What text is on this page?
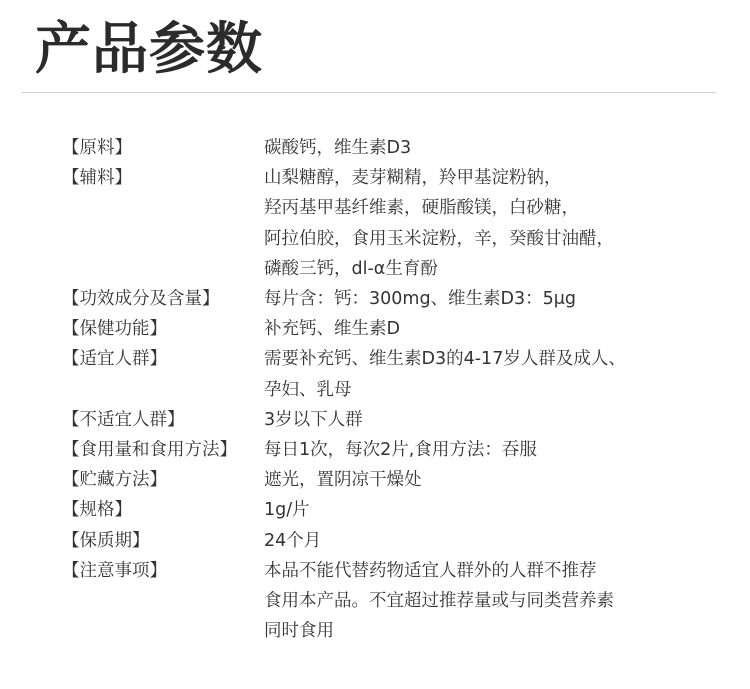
产品参数
【原料】	碳酸钙，维生素D3
【辅料】	山梨糖醇，麦芽糊精，羚甲基淀粉钠，
羟丙基甲基纤维素，硬脂酸镁，白砂糖，
阿拉伯胶，食用玉米淀粉，辛，癸酸甘油醋，
磷酸三钙，dl-α生育酚
【功效成分及含量】	每片含：钙：300mg、维生素D3：5μg
【保健功能】	补充钙、维生素D
【适宜人群】	需要补充钙、维生素D3的4-17岁人群及成人、
孕妇、乳母
【不适宜人群】	3岁以下人群
【食用量和食用方法】	每日1次，每次2片,食用方法：吞服
【贮藏方法】	遮光，置阴凉干燥处
【规格】	1g/片
【保质期】	24个月
【注意事项】	本品不能代替药物适宜人群外的人群不推荐
食用本产品。不宜超过推荐量或与同类营养素
同时食用
